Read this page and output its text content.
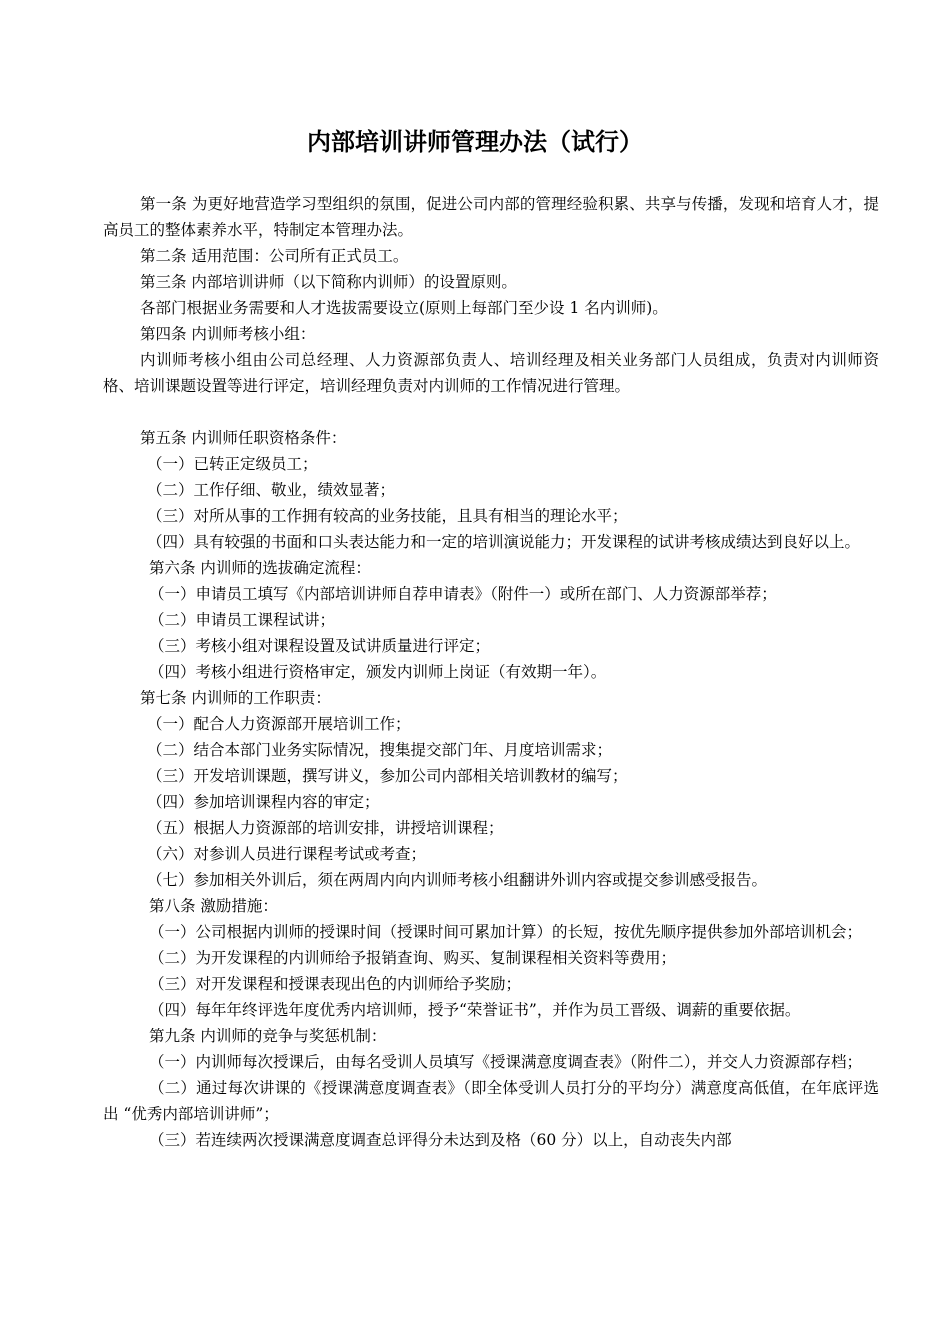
内部培训讲师管理办法（试行）

第一条 为更好地营造学习型组织的氛围，促进公司内部的管理经验积累、共享与传播，发现和培育人才，提高员工的整体素养水平，特制定本管理办法。

第二条 适用范围：公司所有正式员工。

第三条 内部培训讲师（以下简称内训师）的设置原则。

各部门根据业务需要和人才选拔需要设立(原则上每部门至少设 1 名内训师)。

第四条 内训师考核小组：

内训师考核小组由公司总经理、人力资源部负责人、培训经理及相关业务部门人员组成，负责对内训师资格、培训课题设置等进行评定，培训经理负责对内训师的工作情况进行管理。

第五条 内训师任职资格条件：

（一）已转正定级员工；

（二）工作仔细、敬业，绩效显著；

（三）对所从事的工作拥有较高的业务技能，且具有相当的理论水平；

（四）具有较强的书面和口头表达能力和一定的培训演说能力；开发课程的试讲考核成绩达到良好以上。

第六条 内训师的选拔确定流程：

（一）申请员工填写《内部培训讲师自荐申请表》（附件一）或所在部门、人力资源部举荐；

（二）申请员工课程试讲；

（三）考核小组对课程设置及试讲质量进行评定；

（四）考核小组进行资格审定，颁发内训师上岗证（有效期一年）。

第七条 内训师的工作职责：

（一）配合人力资源部开展培训工作；

（二）结合本部门业务实际情况，搜集提交部门年、月度培训需求；

（三）开发培训课题，撰写讲义，参加公司内部相关培训教材的编写；

（四）参加培训课程内容的审定；

（五）根据人力资源部的培训安排，讲授培训课程；

（六）对参训人员进行课程考试或考查；

（七）参加相关外训后，须在两周内向内训师考核小组翻讲外训内容或提交参训感受报告。

第八条 激励措施：

（一）公司根据内训师的授课时间（授课时间可累加计算）的长短，按优先顺序提供参加外部培训机会；

（二）为开发课程的内训师给予报销查询、购买、复制课程相关资料等费用；

（三）对开发课程和授课表现出色的内训师给予奖励；

（四）每年年终评选年度优秀内培训师，授予“荣誉证书”，并作为员工晋级、调薪的重要依据。

第九条 内训师的竞争与奖惩机制：

（一）内训师每次授课后，由每名受训人员填写《授课满意度调查表》（附件二），并交人力资源部存档；

（二）通过每次讲课的《授课满意度调查表》（即全体受训人员打分的平均分）满意度高低值，在年底评选出 “优秀内部培训讲师”；

（三）若连续两次授课满意度调查总评得分未达到及格（60 分）以上，自动丧失内部
